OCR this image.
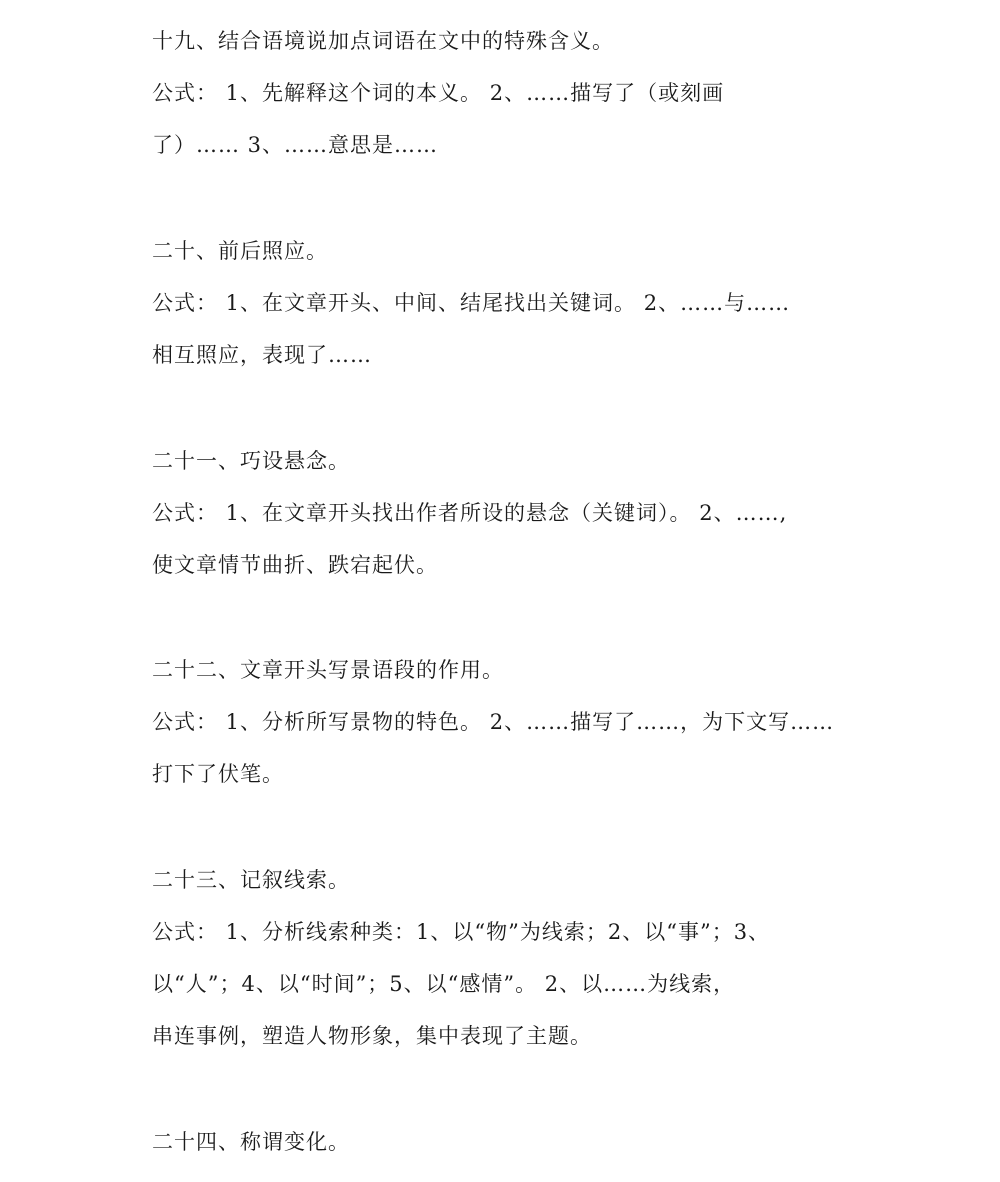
十九、结合语境说加点词语在文中的特殊含义。
公式： 1、先解释这个词的本义。 2、……描写了（或刻画
了）…… 3、……意思是……
二十、前后照应。
公式： 1、在文章开头、中间、结尾找出关键词。 2、……与……
相互照应，表现了……
二十一、巧设悬念。
公式： 1、在文章开头找出作者所设的悬念（关键词）。 2、……,
使文章情节曲折、跌宕起伏。
二十二、文章开头写景语段的作用。
公式： 1、分析所写景物的特色。 2、……描写了……，为下文写……
打下了伏笔。
二十三、记叙线索。
公式： 1、分析线索种类：1、以“物”为线索；2、以“事”；3、
以“人”；4、以“时间”；5、以“感情”。 2、以……为线索，
串连事例，塑造人物形象，集中表现了主题。
二十四、称谓变化。
